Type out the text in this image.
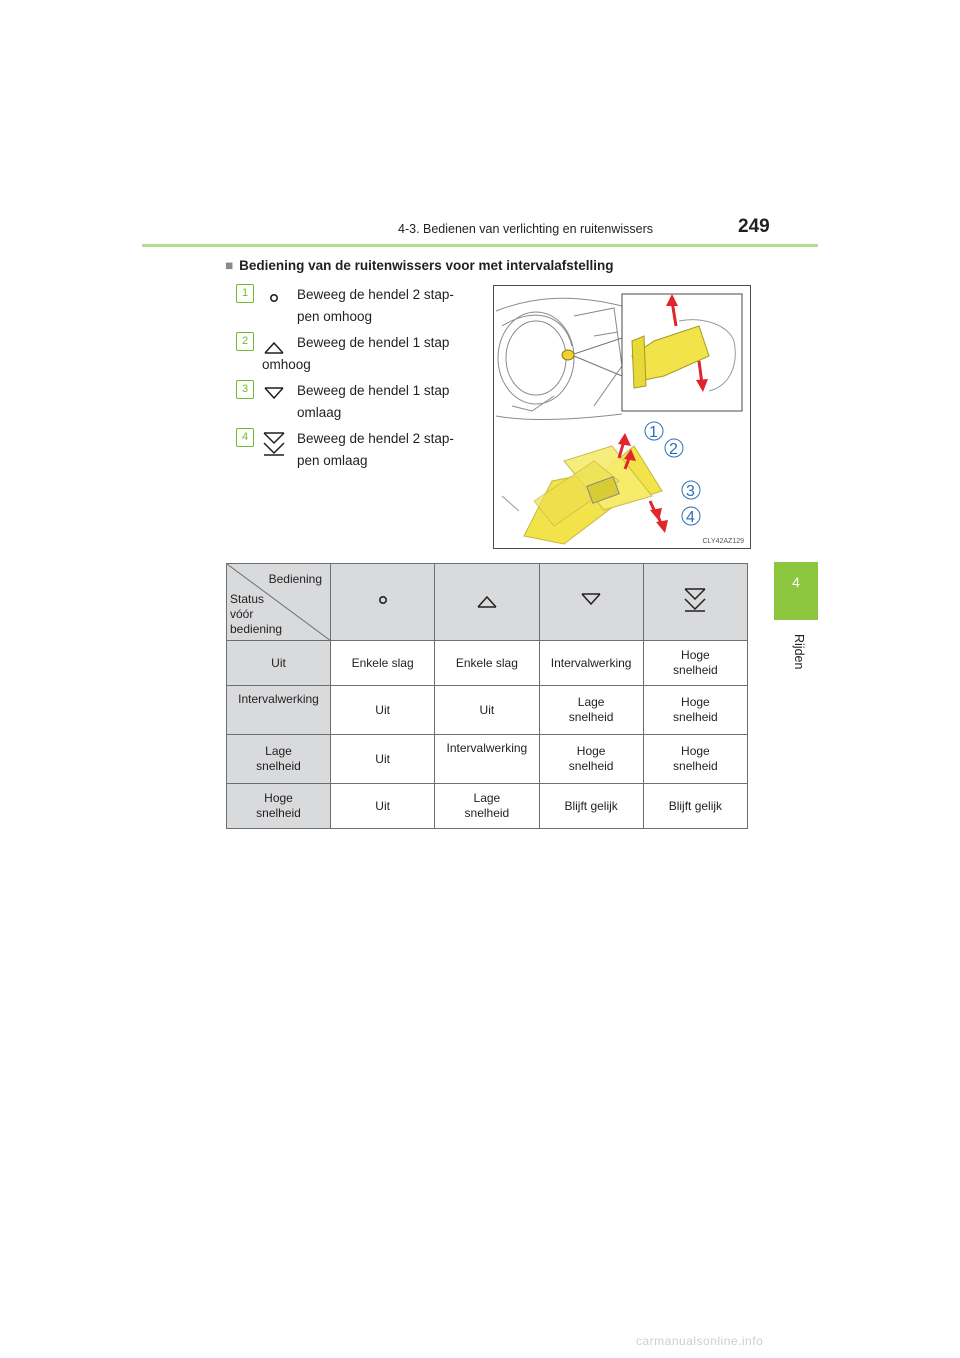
4-3. Bedienen van verlichting en ruitenwissers	249
4
Rijden
■ Bediening van de ruitenwissers voor met intervalafstelling
1	Beweeg de hendel 2 stap-
pen omhoog
2	Beweeg de hendel 1 stap
omhoog
3	Beweeg de hendel 1 stap
omlaag
4	Beweeg de hendel 2 stap-
pen omlaag
1
2
3
4
CLY42AZ129
Bediening
Status
vóór
bediening

Uit	Enkele slag	Enkele slag	Intervalwerking	Hoge
snelheid
Intervalwerking	Uit	Uit	Lage
snelheid	Hoge
snelheid
Lage
snelheid	Uit	Intervalwerking	Hoge
snelheid	Hoge
snelheid
Hoge
snelheid	Uit	Lage
snelheid	Blijft gelijk	Blijft gelijk
carmanualsonline.info
